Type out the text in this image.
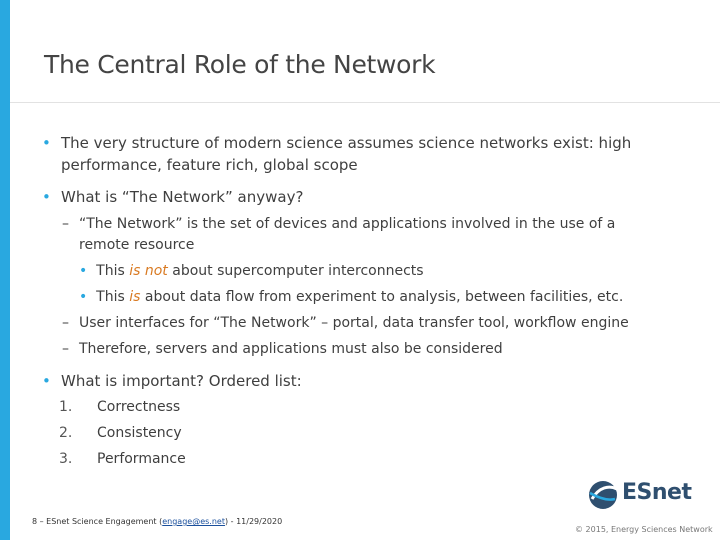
The Central Role of the Network
• The very structure of modern science assumes science networks exist: high
performance, feature rich, global scope
• What is “The Network” anyway?
– “The Network” is the set of devices and applications involved in the use of a
remote resource
• This is not about supercomputer interconnects
• This is about data flow from experiment to analysis, between facilities, etc.
– User interfaces for “The Network” – portal, data transfer tool, workflow engine
– Therefore, servers and applications must also be considered
• What is important? Ordered list:
1. Correctness
2. Consistency
3. Performance
ESnet
8 – ESnet Science Engagement (engage@es.net) - 11/29/2020
© 2015, Energy Sciences Network
